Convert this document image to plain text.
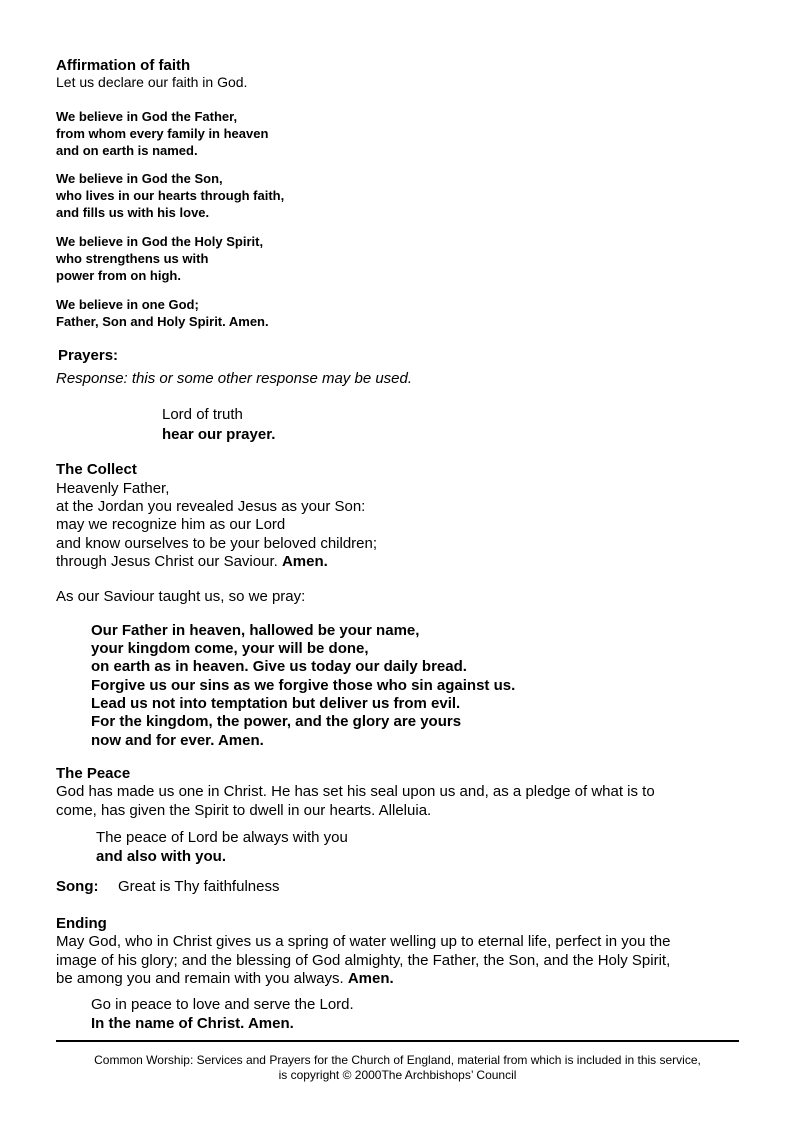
Affirmation of faith
Let us declare our faith in God.
We believe in God the Father,
from whom every family in heaven
and on earth is named.
We believe in God the Son,
who lives in our hearts through faith,
and fills us with his love.
We believe in God the Holy Spirit,
who strengthens us with
power from on high.
We believe in one God;
Father, Son and Holy Spirit. Amen.
Prayers:
Response: this or some other response may be used.
Lord of truth
hear our prayer.
The Collect
Heavenly Father,
at the Jordan you revealed Jesus as your Son:
may we recognize him as our Lord
and know ourselves to be your beloved children;
through Jesus Christ our Saviour. Amen.
As our Saviour taught us, so we pray:
Our Father in heaven, hallowed be your name,
your kingdom come, your will be done,
on earth as in heaven. Give us today our daily bread.
Forgive us our sins as we forgive those who sin against us.
Lead us not into temptation but deliver us from evil.
For the kingdom, the power, and the glory are yours
now and for ever. Amen.
The Peace
God has made us one in Christ. He has set his seal upon us and, as a pledge of what is to
come, has given the Spirit to dwell in our hearts. Alleluia.
The peace of Lord be always with you
and also with you.
Song: Great is Thy faithfulness
Ending
May God, who in Christ gives us a spring of water welling up to eternal life, perfect in you the
image of his glory; and the blessing of God almighty, the Father, the Son, and the Holy Spirit,
be among you and remain with you always. Amen.
Go in peace to love and serve the Lord.
In the name of Christ. Amen.
Common Worship: Services and Prayers for the Church of England, material from which is included in this service,
is copyright © 2000The Archbishops’ Council
